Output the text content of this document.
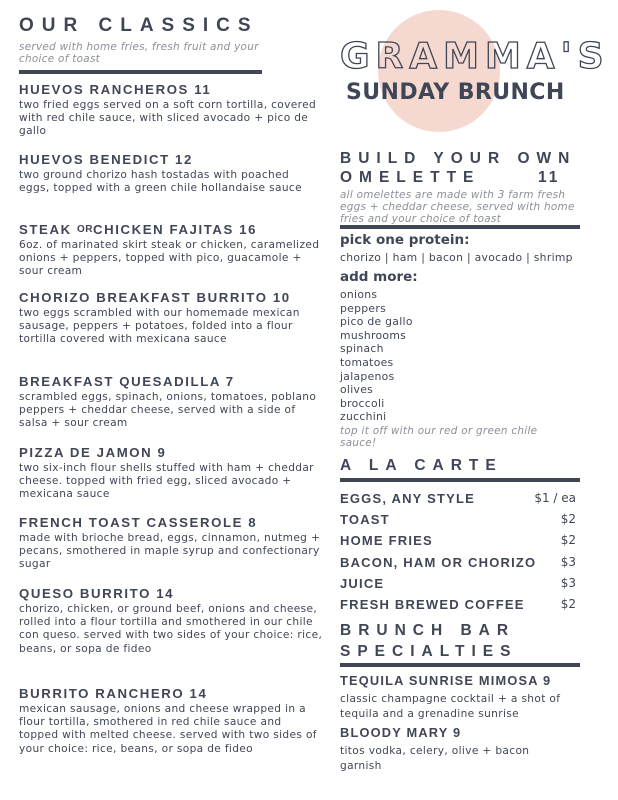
OUR CLASSICS
served with home fries, fresh fruit and your choice of toast

HUEVOS RANCHEROS 11

two fried eggs served on a soft corn tortilla, covered with red chile sauce, with sliced avocado + pico de gallo

HUEVOS BENEDICT 12

two ground chorizo hash tostadas with poached eggs, topped with a green chile hollandaise sauce

STEAK ORCHICKEN FAJITAS 16

6oz. of marinated skirt steak or chicken, caramelized onions + peppers, topped with pico, guacamole + sour cream

CHORIZO BREAKFAST BURRITO 10

two eggs scrambled with our homemade mexican sausage, peppers + potatoes, folded into a flour tortilla covered with mexicana sauce

BREAKFAST QUESADILLA 7

scrambled eggs, spinach, onions, tomatoes, poblano peppers + cheddar cheese, served with a side of salsa + sour cream

PIZZA DE JAMON 9

two six-inch flour shells stuffed with ham + cheddar cheese. topped with fried egg, sliced avocado + mexicana sauce

FRENCH TOAST CASSEROLE 8

made with brioche bread, eggs, cinnamon, nutmeg + pecans, smothered in maple syrup and confectionary sugar

QUESO BURRITO 14

chorizo, chicken, or ground beef, onions and cheese, rolled into a flour tortilla and smothered in our chile con queso. served with two sides of your choice: rice, beans, or sopa de fideo

BURRITO RANCHERO 14

mexican sausage, onions and cheese wrapped in a flour tortilla, smothered in red chile sauce and topped with melted cheese. served with two sides of your choice: rice, beans, or sopa de fideo

GRAMMA'S
SUNDAY BRUNCH
BUILD YOUR OWN
OMELETTE	11
all omelettes are made with 3 farm fresh eggs + cheddar cheese, served with home fries and your choice of toast

pick one protein:

chorizo | ham | bacon | avocado | shrimp

add more:

onions
peppers
pico de gallo
mushrooms
spinach
tomatoes
jalapenos
olives
broccoli
zucchini
top it off with our red or green chile sauce!
A LA CARTE
EGGS, ANY STYLE	$1 / ea
TOAST	$2
HOME FRIES	$2
BACON, HAM OR CHORIZO $3
JUICE	$3
FRESH BREWED COFFEE	$2
BRUNCH BAR
SPECIALTIES

TEQUILA SUNRISE MIMOSA 9

classic champagne cocktail + a shot of tequila and a grenadine sunrise

BLOODY MARY 9

titos vodka, celery, olive + bacon garnish
